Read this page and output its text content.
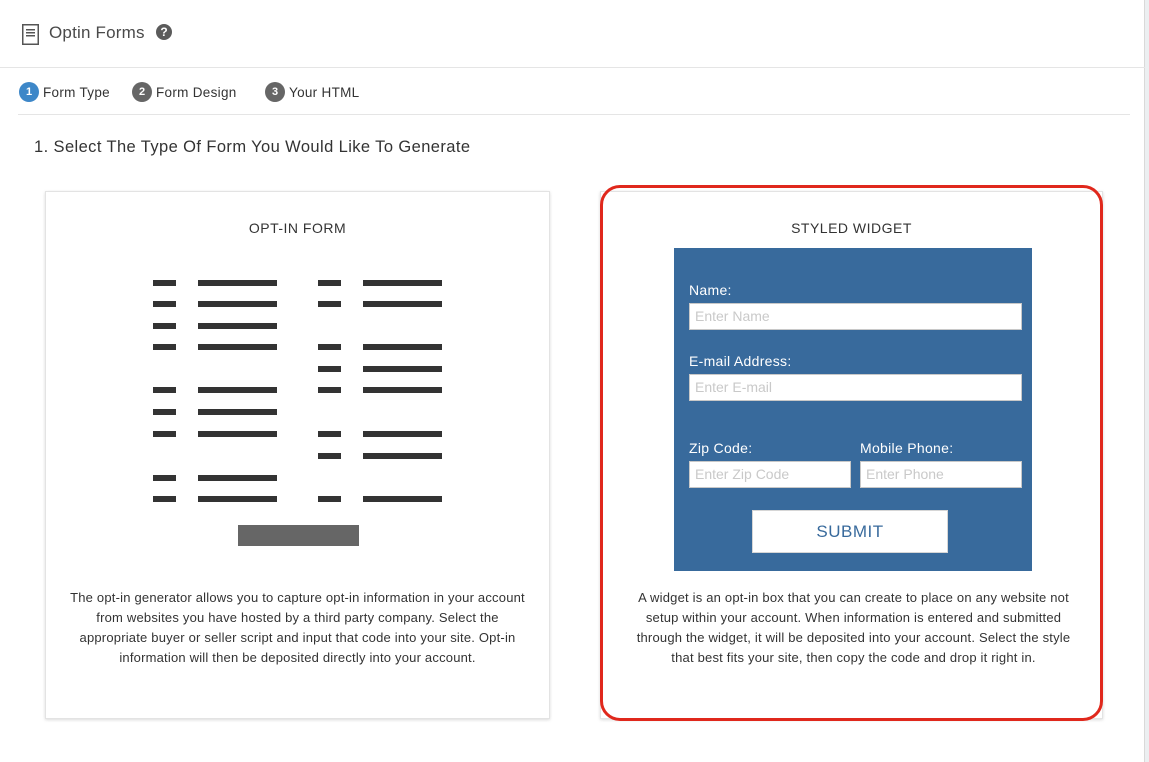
Optin Forms	?
1 Form Type	2 Form Design	3 Your HTML
1. Select The Type Of Form You Would Like To Generate
OPT-IN FORM
The opt-in generator allows you to capture opt-in information in your account from websites you have hosted by a third party company. Select the appropriate buyer or seller script and input that code into your site. Opt-in information will then be deposited directly into your account.
STYLED WIDGET
Name:
Enter Name
E-mail Address:
Enter E-mail
Zip Code:
Enter Zip Code
Mobile Phone:
Enter Phone
SUBMIT
A widget is an opt-in box that you can create to place on any website not setup within your account. When information is entered and submitted through the widget, it will be deposited into your account. Select the style that best fits your site, then copy the code and drop it right in.
